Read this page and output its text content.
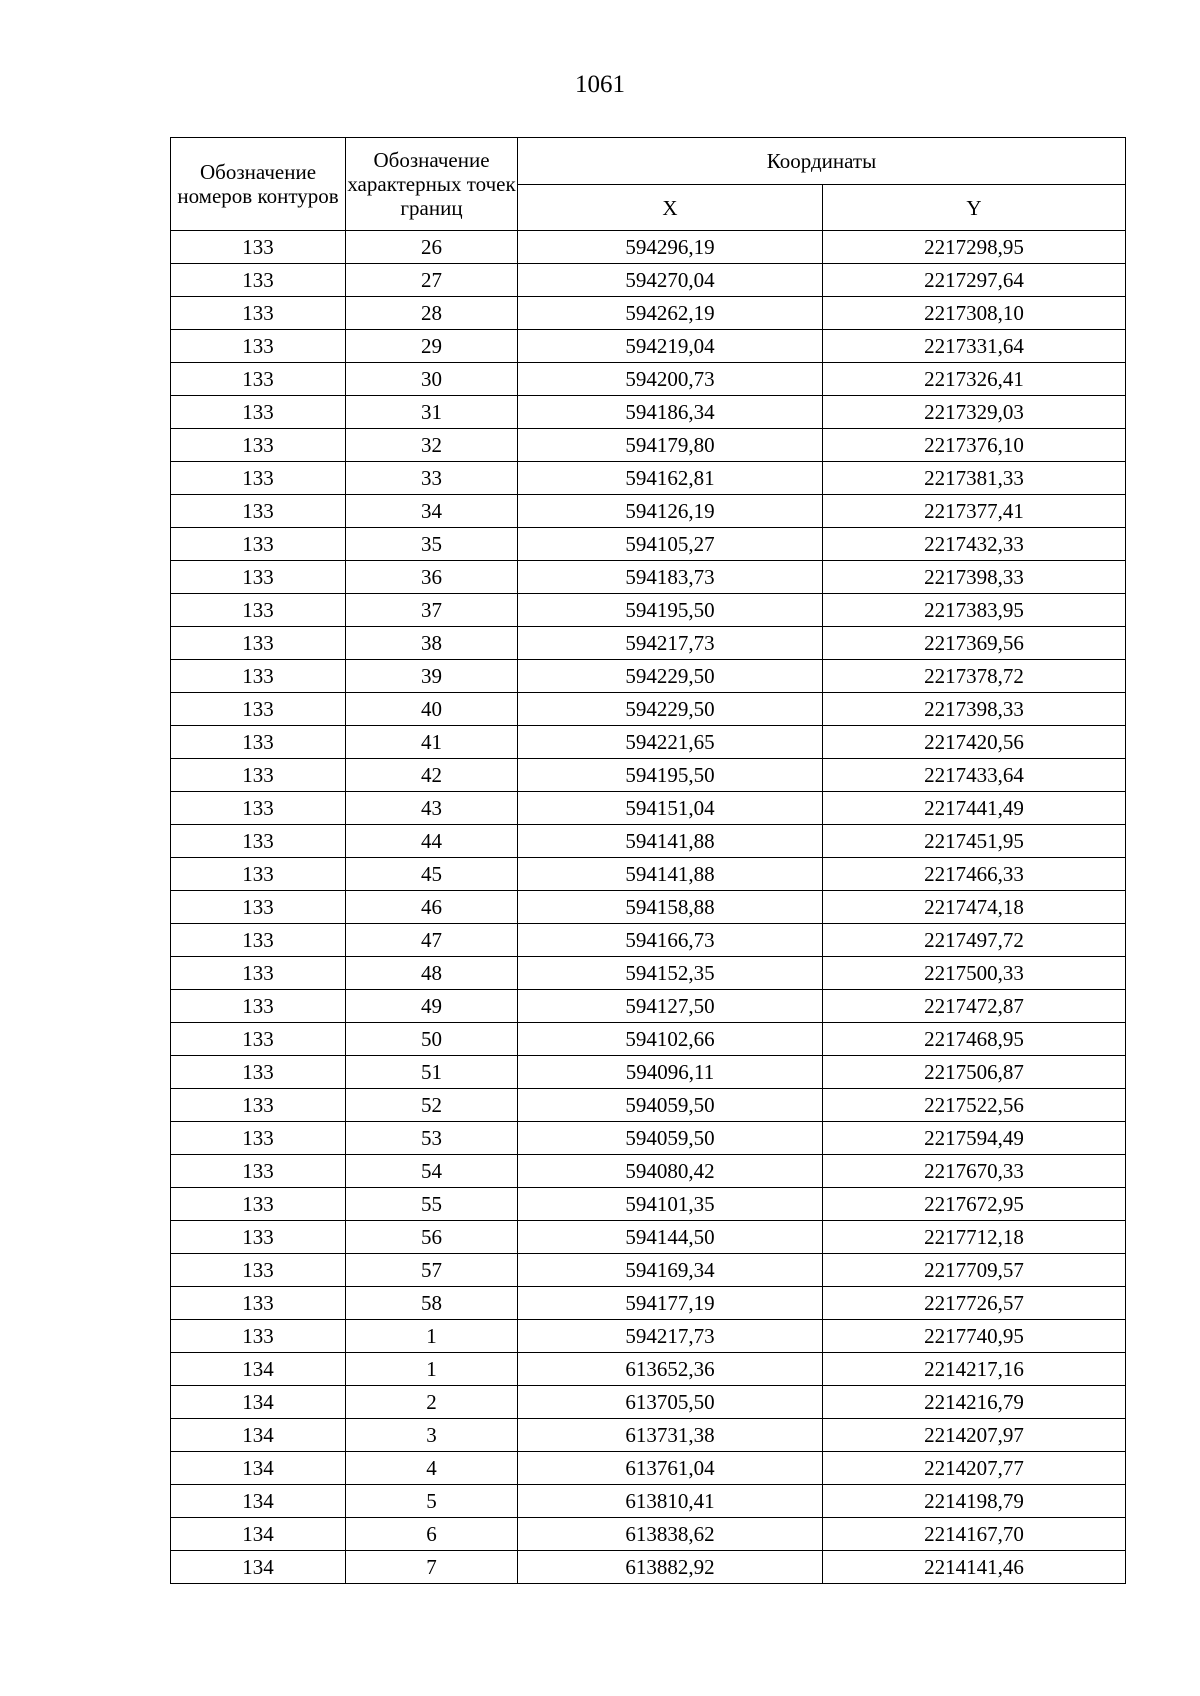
1061
Обозначение номеров контуров	Обозначение характерных точек границ	Координаты	
		X	Y
133	26	594296,19	2217298,95
133	27	594270,04	2217297,64
133	28	594262,19	2217308,10
133	29	594219,04	2217331,64
133	30	594200,73	2217326,41
133	31	594186,34	2217329,03
133	32	594179,80	2217376,10
133	33	594162,81	2217381,33
133	34	594126,19	2217377,41
133	35	594105,27	2217432,33
133	36	594183,73	2217398,33
133	37	594195,50	2217383,95
133	38	594217,73	2217369,56
133	39	594229,50	2217378,72
133	40	594229,50	2217398,33
133	41	594221,65	2217420,56
133	42	594195,50	2217433,64
133	43	594151,04	2217441,49
133	44	594141,88	2217451,95
133	45	594141,88	2217466,33
133	46	594158,88	2217474,18
133	47	594166,73	2217497,72
133	48	594152,35	2217500,33
133	49	594127,50	2217472,87
133	50	594102,66	2217468,95
133	51	594096,11	2217506,87
133	52	594059,50	2217522,56
133	53	594059,50	2217594,49
133	54	594080,42	2217670,33
133	55	594101,35	2217672,95
133	56	594144,50	2217712,18
133	57	594169,34	2217709,57
133	58	594177,19	2217726,57
133	1	594217,73	2217740,95
134	1	613652,36	2214217,16
134	2	613705,50	2214216,79
134	3	613731,38	2214207,97
134	4	613761,04	2214207,77
134	5	613810,41	2214198,79
134	6	613838,62	2214167,70
134	7	613882,92	2214141,46
